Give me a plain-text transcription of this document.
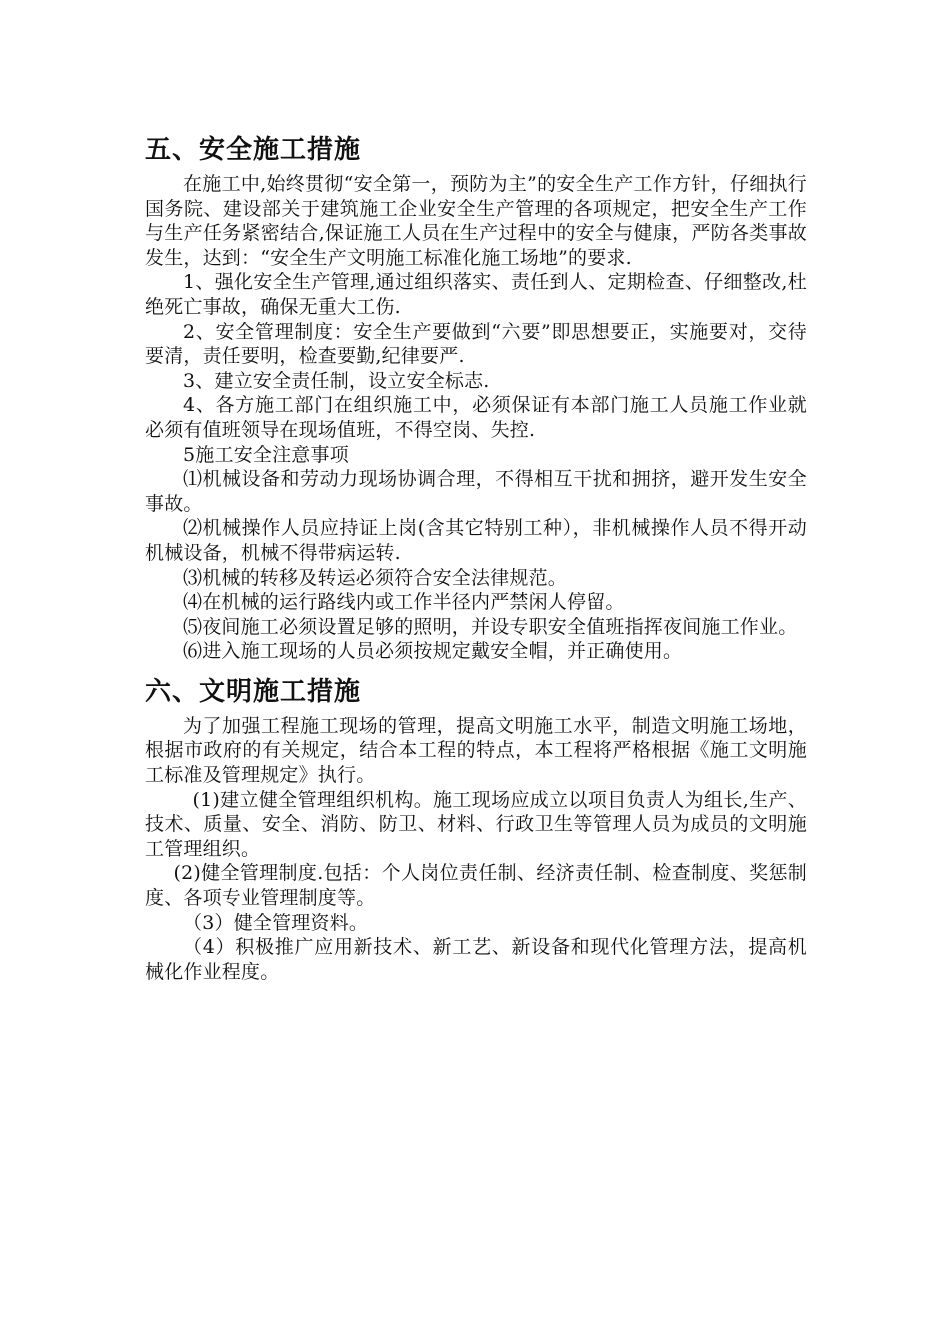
五、安全施工措施

在施工中,始终贯彻“安全第一，预防为主”的安全生产工作方针，仔细执行国务院、建设部关于建筑施工企业安全生产管理的各项规定，把安全生产工作与生产任务紧密结合,保证施工人员在生产过程中的安全与健康，严防各类事故发生，达到：“安全生产文明施工标准化施工场地”的要求.

1、强化安全生产管理,通过组织落实、责任到人、定期检查、仔细整改,杜绝死亡事故，确保无重大工伤.

2、安全管理制度：安全生产要做到“六要”即思想要正，实施要对，交待要清，责任要明，检查要勤,纪律要严.

3、建立安全责任制，设立安全标志.

4、各方施工部门在组织施工中，必须保证有本部门施工人员施工作业就必须有值班领导在现场值班，不得空岗、失控.

5施工安全注意事项

⑴机械设备和劳动力现场协调合理，不得相互干扰和拥挤，避开发生安全事故。

⑵机械操作人员应持证上岗(含其它特别工种），非机械操作人员不得开动机械设备，机械不得带病运转.

⑶机械的转移及转运必须符合安全法律规范。

⑷在机械的运行路线内或工作半径内严禁闲人停留。

⑸夜间施工必须设置足够的照明，并设专职安全值班指挥夜间施工作业。

⑹进入施工现场的人员必须按规定戴安全帽，并正确使用。

六、文明施工措施

为了加强工程施工现场的管理，提高文明施工水平，制造文明施工场地，根据市政府的有关规定，结合本工程的特点，本工程将严格根据《施工文明施工标准及管理规定》执行。

(1)建立健全管理组织机构。施工现场应成立以项目负责人为组长,生产、技术、质量、安全、消防、防卫、材料、行政卫生等管理人员为成员的文明施工管理组织。

(2)健全管理制度.包括：个人岗位责任制、经济责任制、检查制度、奖惩制度、各项专业管理制度等。

（3）健全管理资料。

（4）积极推广应用新技术、新工艺、新设备和现代化管理方法，提高机械化作业程度。
